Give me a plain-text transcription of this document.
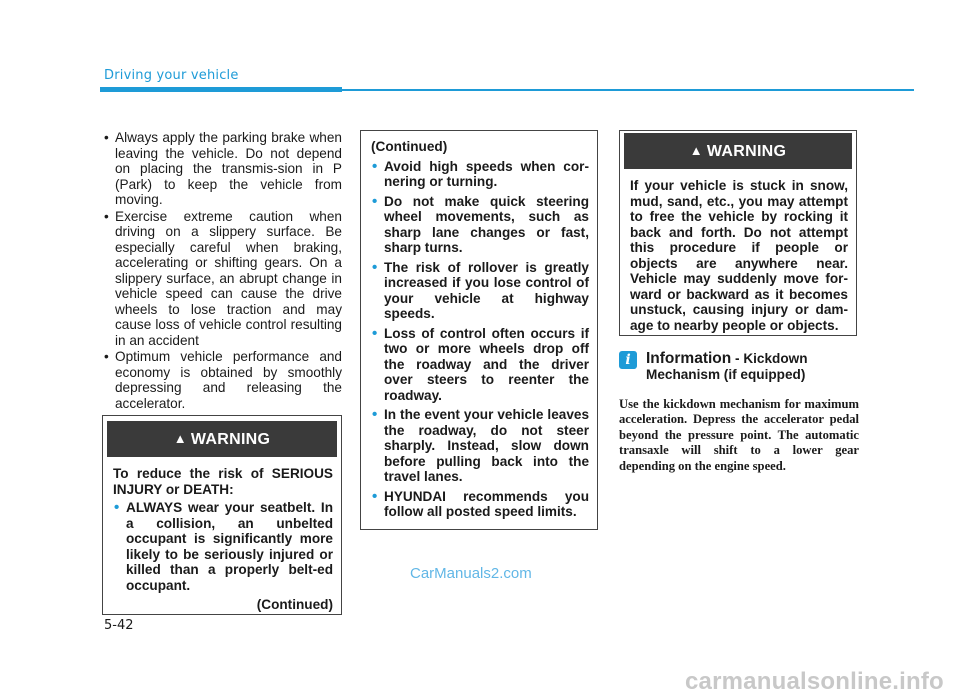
Driving your vehicle
• Always apply the parking brake when leaving the vehicle. Do not depend on placing the transmis-sion in P (Park) to keep the vehicle from moving.
• Exercise extreme caution when driving on a slippery surface. Be especially careful when braking, accelerating or shifting gears. On a slippery surface, an abrupt change in vehicle speed can cause the drive wheels to lose traction and may cause loss of vehicle control resulting in an accident
• Optimum vehicle performance and economy is obtained by smoothly depressing and releasing the accelerator.
▲ WARNING
To reduce the risk of SERIOUS INJURY or DEATH:
• ALWAYS wear your seatbelt. In a collision, an unbelted occupant is significantly more likely to be seriously injured or killed than a properly belt-ed occupant.
(Continued)
(Continued)
• Avoid high speeds when cor-nering or turning.
• Do not make quick steering wheel movements, such as sharp lane changes or fast, sharp turns.
• The risk of rollover is greatly increased if you lose control of your vehicle at highway speeds.
• Loss of control often occurs if two or more wheels drop off the roadway and the driver over steers to reenter the roadway.
• In the event your vehicle leaves the roadway, do not steer sharply. Instead, slow down before pulling back into the travel lanes.
• HYUNDAI recommends you follow all posted speed limits.
▲ WARNING
If your vehicle is stuck in snow, mud, sand, etc., you may attempt to free the vehicle by rocking it back and forth. Do not attempt this procedure if people or objects are anywhere near. Vehicle may suddenly move for-ward or backward as it becomes unstuck, causing injury or dam-age to nearby people or objects.
i Information - Kickdown Mechanism (if equipped)
Use the kickdown mechanism for maximum acceleration. Depress the accelerator pedal beyond the pressure point. The automatic transaxle will shift to a lower gear depending on the engine speed.
CarManuals2.com
5-42
carmanualsonline.info
